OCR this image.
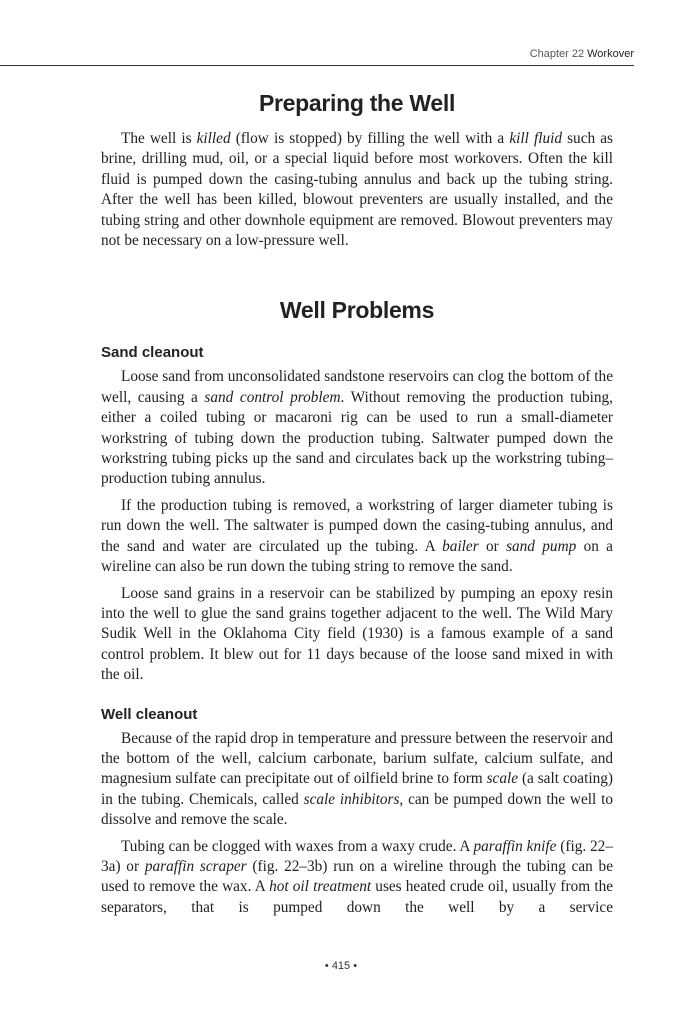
Chapter 22 Workover
Preparing the Well

The well is killed (flow is stopped) by filling the well with a kill fluid such as brine, drilling mud, oil, or a special liquid before most workovers. Often the kill fluid is pumped down the casing-tubing annulus and back up the tubing string. After the well has been killed, blowout preventers are usually installed, and the tubing string and other downhole equipment are removed. Blowout preventers may not be necessary on a low-pressure well.

Well Problems
Sand cleanout

Loose sand from unconsolidated sandstone reservoirs can clog the bottom of the well, causing a sand control problem. Without removing the production tubing, either a coiled tubing or macaroni rig can be used to run a small-diameter workstring of tubing down the production tubing. Saltwater pumped down the workstring tubing picks up the sand and circulates back up the workstring tubing–production tubing annulus.

If the production tubing is removed, a workstring of larger diameter tubing is run down the well. The saltwater is pumped down the casing-tubing annulus, and the sand and water are circulated up the tubing. A bailer or sand pump on a wireline can also be run down the tubing string to remove the sand.

Loose sand grains in a reservoir can be stabilized by pumping an epoxy resin into the well to glue the sand grains together adjacent to the well. The Wild Mary Sudik Well in the Oklahoma City field (1930) is a famous example of a sand control problem. It blew out for 11 days because of the loose sand mixed in with the oil.

Well cleanout

Because of the rapid drop in temperature and pressure between the reservoir and the bottom of the well, calcium carbonate, barium sulfate, calcium sulfate, and magnesium sulfate can precipitate out of oilfield brine to form scale (a salt coating) in the tubing. Chemicals, called scale inhibitors, can be pumped down the well to dissolve and remove the scale.

Tubing can be clogged with waxes from a waxy crude. A paraffin knife (fig. 22–3a) or paraffin scraper (fig. 22–3b) run on a wireline through the tubing can be used to remove the wax. A hot oil treatment uses heated crude oil, usually from the separators, that is pumped down the well by a service

• 415 •
